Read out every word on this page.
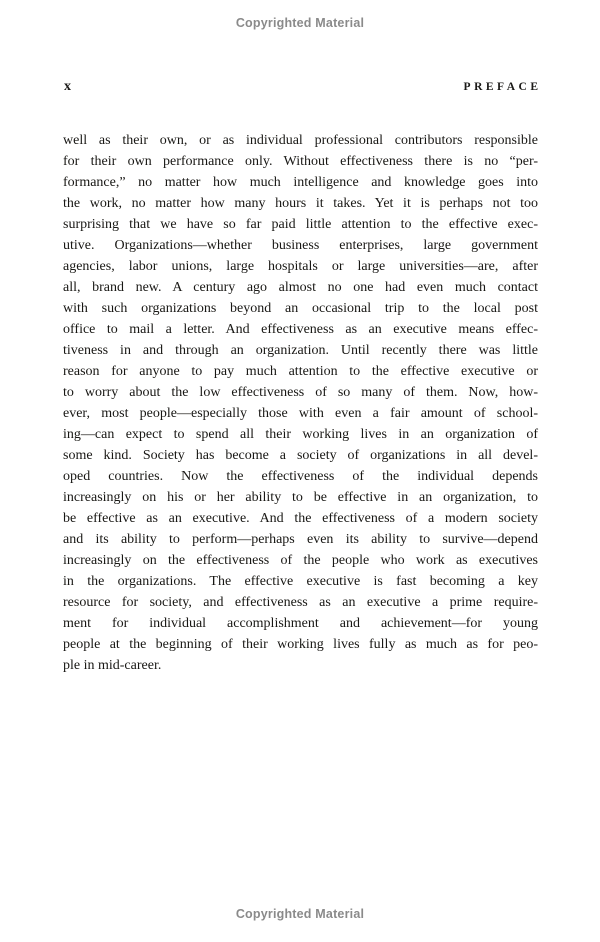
Copyrighted Material
x	PREFACE
well as their own, or as individual professional contributors responsible
for their own performance only. Without effectiveness there is no “per-
formance,” no matter how much intelligence and knowledge goes into
the work, no matter how many hours it takes. Yet it is perhaps not too
surprising that we have so far paid little attention to the effective exec-
utive. Organizations—whether business enterprises, large government
agencies, labor unions, large hospitals or large universities—are, after
all, brand new. A century ago almost no one had even much contact
with such organizations beyond an occasional trip to the local post
office to mail a letter. And effectiveness as an executive means effec-
tiveness in and through an organization. Until recently there was little
reason for anyone to pay much attention to the effective executive or
to worry about the low effectiveness of so many of them. Now, how-
ever, most people—especially those with even a fair amount of school-
ing—can expect to spend all their working lives in an organization of
some kind. Society has become a society of organizations in all devel-
oped countries. Now the effectiveness of the individual depends
increasingly on his or her ability to be effective in an organization, to
be effective as an executive. And the effectiveness of a modern society
and its ability to perform—perhaps even its ability to survive—depend
increasingly on the effectiveness of the people who work as executives
in the organizations. The effective executive is fast becoming a key
resource for society, and effectiveness as an executive a prime require-
ment for individual accomplishment and achievement—for young
people at the beginning of their working lives fully as much as for peo-
ple in mid-career.
Copyrighted Material
